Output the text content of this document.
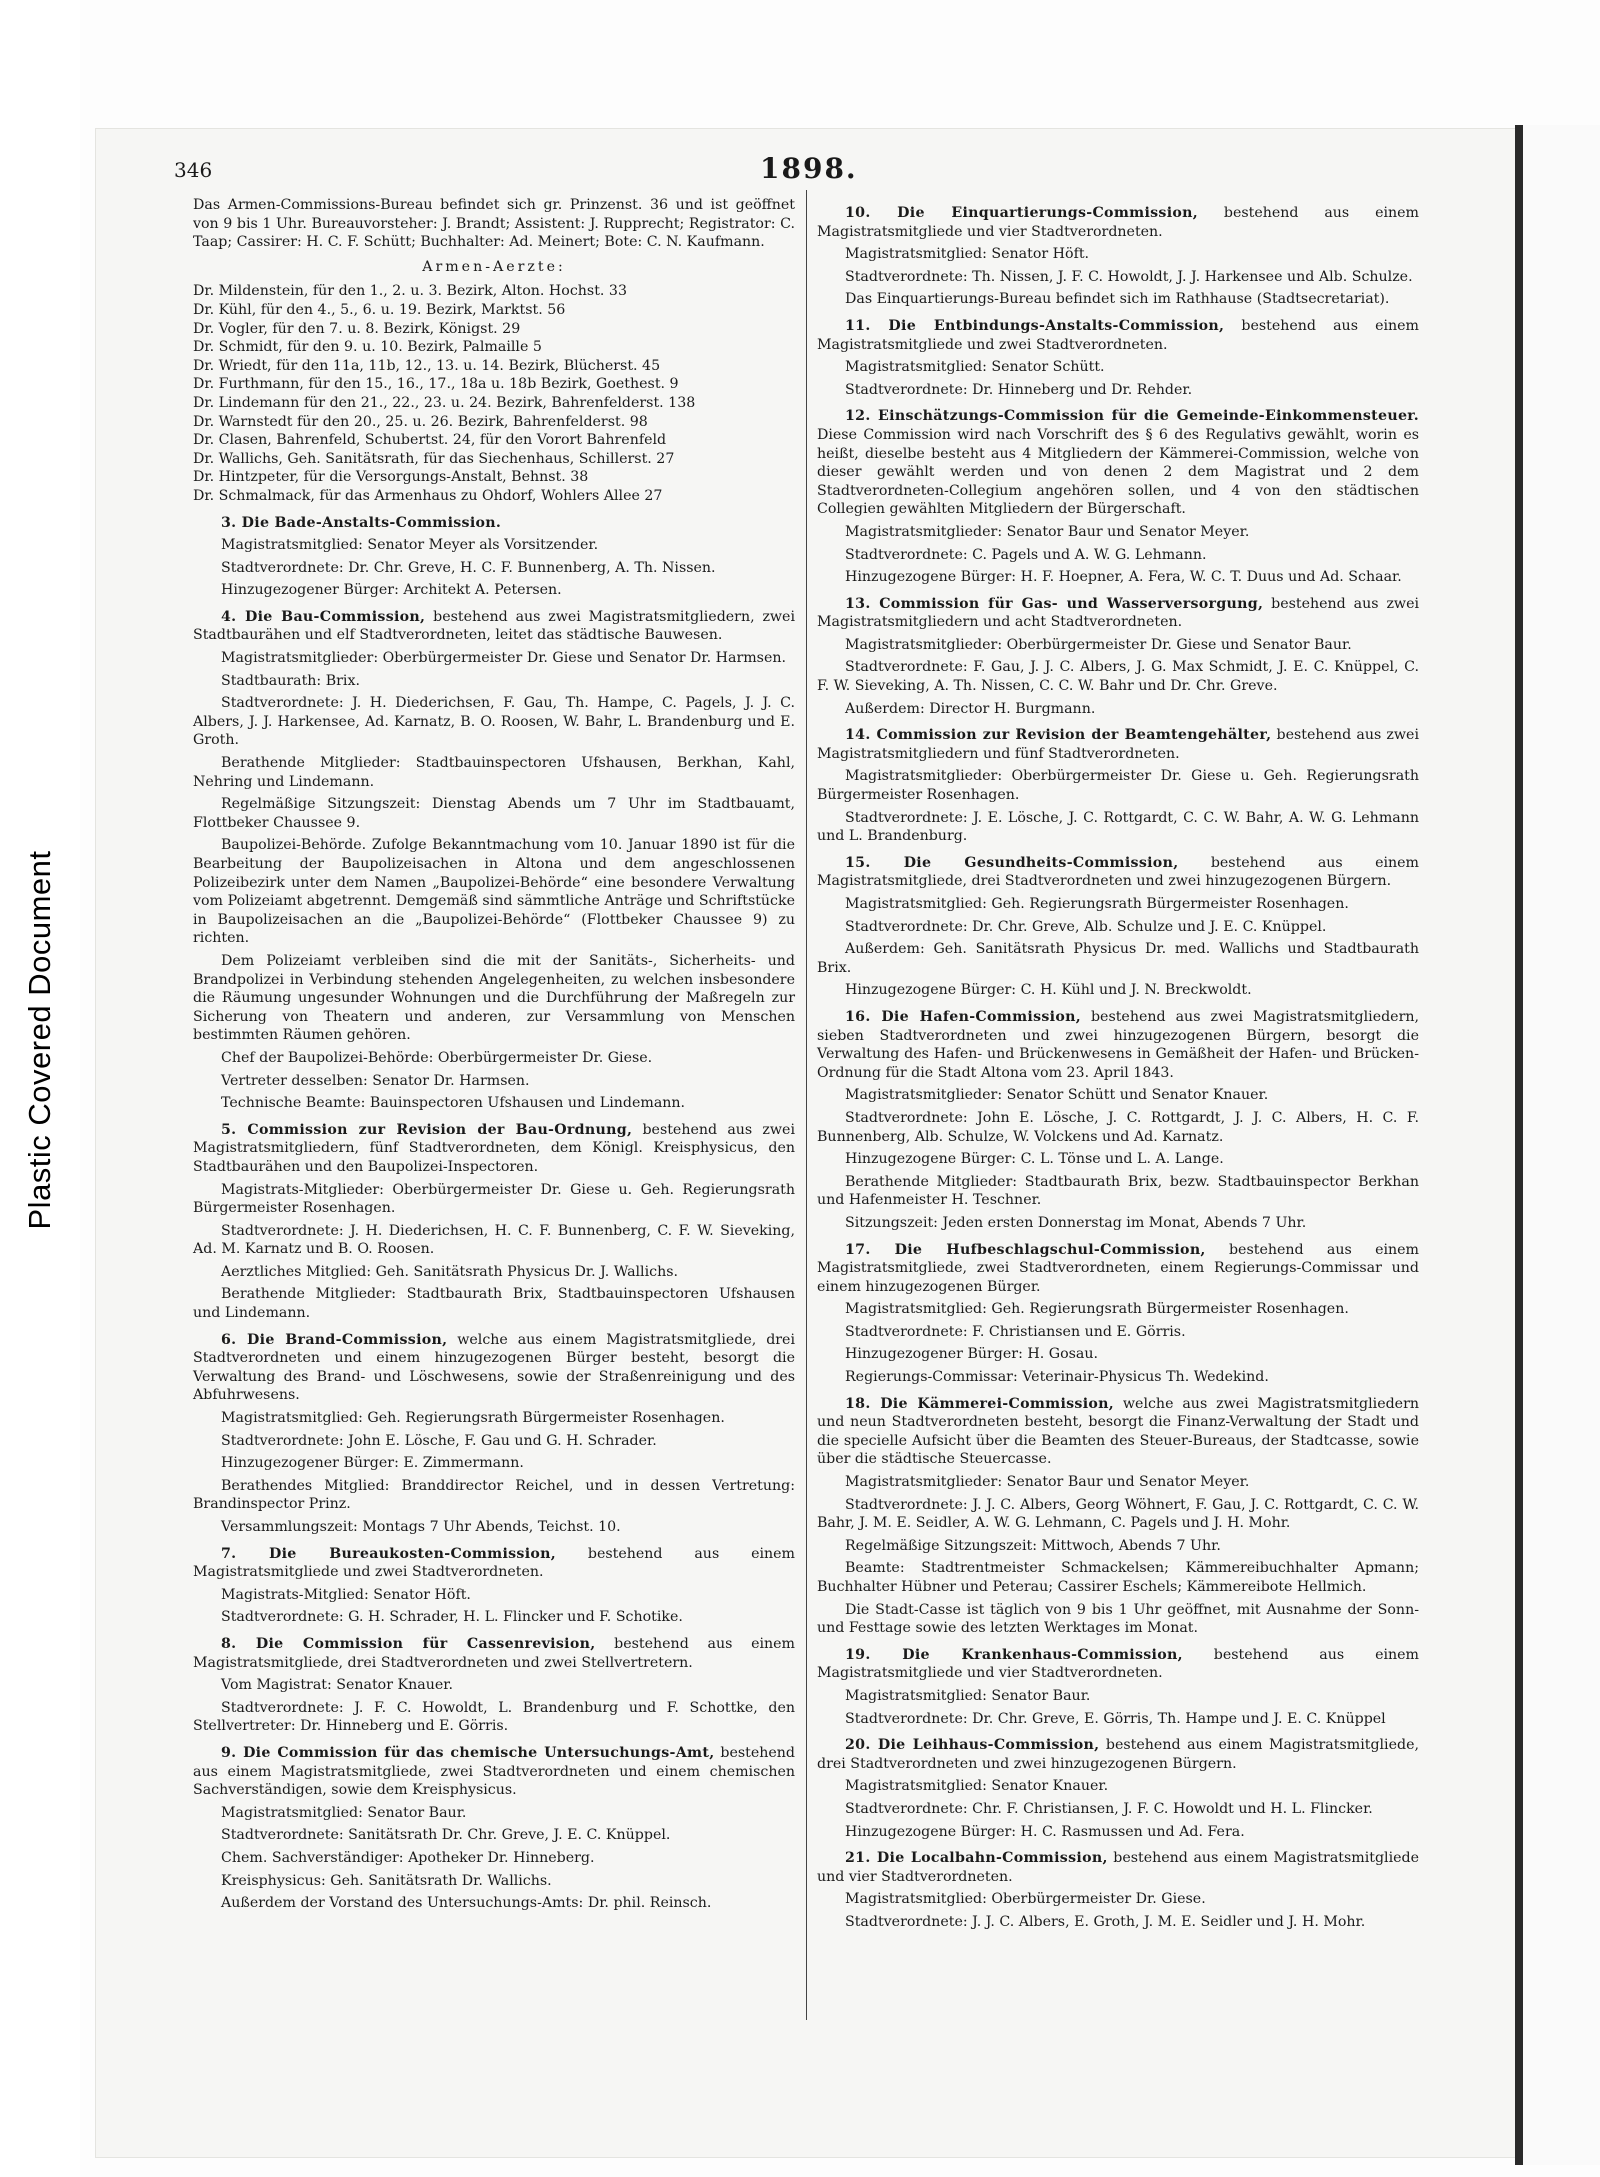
Plastic Covered Document
346	1898.

Das Armen-Commissions-Bureau befindet sich gr. Prinzenst. 36 und ist geöffnet von 9 bis 1 Uhr. Bureauvorsteher: J. Brandt; Assistent: J. Rupprecht; Registrator: C. Taap; Cassirer: H. C. F. Schütt; Buchhalter: Ad. Meinert; Bote: C. N. Kaufmann.

Armen-Aerzte:

Dr. Mildenstein, für den 1., 2. u. 3. Bezirk, Alton. Hochst. 33

Dr. Kühl, für den 4., 5., 6. u. 19. Bezirk, Marktst. 56

Dr. Vogler, für den 7. u. 8. Bezirk, Königst. 29

Dr. Schmidt, für den 9. u. 10. Bezirk, Palmaille 5

Dr. Wriedt, für den 11a, 11b, 12., 13. u. 14. Bezirk, Blücherst. 45

Dr. Furthmann, für den 15., 16., 17., 18a u. 18b Bezirk, Goethest. 9

Dr. Lindemann für den 21., 22., 23. u. 24. Bezirk, Bahrenfelderst. 138

Dr. Warnstedt für den 20., 25. u. 26. Bezirk, Bahrenfelderst. 98

Dr. Clasen, Bahrenfeld, Schubertst. 24, für den Vorort Bahrenfeld

Dr. Wallichs, Geh. Sanitätsrath, für das Siechenhaus, Schillerst. 27

Dr. Hintzpeter, für die Versorgungs-Anstalt, Behnst. 38

Dr. Schmalmack, für das Armenhaus zu Ohdorf, Wohlers Allee 27

3. Die Bade-Anstalts-Commission.

Magistratsmitglied: Senator Meyer als Vorsitzender.

Stadtverordnete: Dr. Chr. Greve, H. C. F. Bunnenberg, A. Th. Nissen.

Hinzugezogener Bürger: Architekt A. Petersen.

4. Die Bau-Commission, bestehend aus zwei Magistratsmitgliedern, zwei Stadtbaurähen und elf Stadtverordneten, leitet das städtische Bauwesen.

Magistratsmitglieder: Oberbürgermeister Dr. Giese und Senator Dr. Harmsen.

Stadtbaurath: Brix.

Stadtverordnete: J. H. Diederichsen, F. Gau, Th. Hampe, C. Pagels, J. J. C. Albers, J. J. Harkensee, Ad. Karnatz, B. O. Roosen, W. Bahr, L. Brandenburg und E. Groth.

Berathende Mitglieder: Stadtbauinspectoren Ufshausen, Berkhan, Kahl, Nehring und Lindemann.

Regelmäßige Sitzungszeit: Dienstag Abends um 7 Uhr im Stadtbauamt, Flottbeker Chaussee 9.

Baupolizei-Behörde. Zufolge Bekanntmachung vom 10. Januar 1890 ist für die Bearbeitung der Baupolizeisachen in Altona und dem angeschlossenen Polizeibezirk unter dem Namen „Baupolizei-Behörde“ eine besondere Verwaltung vom Polizeiamt abgetrennt. Demgemäß sind sämmtliche Anträge und Schriftstücke in Baupolizeisachen an die „Baupolizei-Behörde“ (Flottbeker Chaussee 9) zu richten.

Dem Polizeiamt verbleiben sind die mit der Sanitäts-, Sicherheits- und Brandpolizei in Verbindung stehenden Angelegenheiten, zu welchen insbesondere die Räumung ungesunder Wohnungen und die Durchführung der Maßregeln zur Sicherung von Theatern und anderen, zur Versammlung von Menschen bestimmten Räumen gehören.

Chef der Baupolizei-Behörde: Oberbürgermeister Dr. Giese.

Vertreter desselben: Senator Dr. Harmsen.

Technische Beamte: Bauinspectoren Ufshausen und Lindemann.

5. Commission zur Revision der Bau-Ordnung, bestehend aus zwei Magistratsmitgliedern, fünf Stadtverordneten, dem Königl. Kreisphysicus, den Stadtbaurähen und den Baupolizei-Inspectoren.

Magistrats-Mitglieder: Oberbürgermeister Dr. Giese u. Geh. Regierungsrath Bürgermeister Rosenhagen.

Stadtverordnete: J. H. Diederichsen, H. C. F. Bunnenberg, C. F. W. Sieveking, Ad. M. Karnatz und B. O. Roosen.

Aerztliches Mitglied: Geh. Sanitätsrath Physicus Dr. J. Wallichs.

Berathende Mitglieder: Stadtbaurath Brix, Stadtbauinspectoren Ufshausen und Lindemann.

6. Die Brand-Commission, welche aus einem Magistratsmitgliede, drei Stadtverordneten und einem hinzugezogenen Bürger besteht, besorgt die Verwaltung des Brand- und Löschwesens, sowie der Straßenreinigung und des Abfuhrwesens.

Magistratsmitglied: Geh. Regierungsrath Bürgermeister Rosenhagen.

Stadtverordnete: John E. Lösche, F. Gau und G. H. Schrader.

Hinzugezogener Bürger: E. Zimmermann.

Berathendes Mitglied: Branddirector Reichel, und in dessen Vertretung: Brandinspector Prinz.

Versammlungszeit: Montags 7 Uhr Abends, Teichst. 10.

7. Die Bureaukosten-Commission, bestehend aus einem Magistratsmitgliede und zwei Stadtverordneten.

Magistrats-Mitglied: Senator Höft.

Stadtverordnete: G. H. Schrader, H. L. Flincker und F. Schotike.

8. Die Commission für Cassenrevision, bestehend aus einem Magistratsmitgliede, drei Stadtverordneten und zwei Stellvertretern.

Vom Magistrat: Senator Knauer.

Stadtverordnete: J. F. C. Howoldt, L. Brandenburg und F. Schottke, den Stellvertreter: Dr. Hinneberg und E. Görris.

9. Die Commission für das chemische Untersuchungs-Amt, bestehend aus einem Magistratsmitgliede, zwei Stadtverordneten und einem chemischen Sachverständigen, sowie dem Kreisphysicus.

Magistratsmitglied: Senator Baur.

Stadtverordnete: Sanitätsrath Dr. Chr. Greve, J. E. C. Knüppel.

Chem. Sachverständiger: Apotheker Dr. Hinneberg.

Kreisphysicus: Geh. Sanitätsrath Dr. Wallichs.

Außerdem der Vorstand des Untersuchungs-Amts: Dr. phil. Reinsch.

10. Die Einquartierungs-Commission, bestehend aus einem Magistratsmitgliede und vier Stadtverordneten.

Magistratsmitglied: Senator Höft.

Stadtverordnete: Th. Nissen, J. F. C. Howoldt, J. J. Harkensee und Alb. Schulze.

Das Einquartierungs-Bureau befindet sich im Rathhause (Stadtsecretariat).

11. Die Entbindungs-Anstalts-Commission, bestehend aus einem Magistratsmitgliede und zwei Stadtverordneten.

Magistratsmitglied: Senator Schütt.

Stadtverordnete: Dr. Hinneberg und Dr. Rehder.

12. Einschätzungs-Commission für die Gemeinde-Einkommensteuer. Diese Commission wird nach Vorschrift des § 6 des Regulativs gewählt, worin es heißt, dieselbe besteht aus 4 Mitgliedern der Kämmerei-Commission, welche von dieser gewählt werden und von denen 2 dem Magistrat und 2 dem Stadtverordneten-Collegium angehören sollen, und 4 von den städtischen Collegien gewählten Mitgliedern der Bürgerschaft.

Magistratsmitglieder: Senator Baur und Senator Meyer.

Stadtverordnete: C. Pagels und A. W. G. Lehmann.

Hinzugezogene Bürger: H. F. Hoepner, A. Fera, W. C. T. Duus und Ad. Schaar.

13. Commission für Gas- und Wasserversorgung, bestehend aus zwei Magistratsmitgliedern und acht Stadtverordneten.

Magistratsmitglieder: Oberbürgermeister Dr. Giese und Senator Baur.

Stadtverordnete: F. Gau, J. J. C. Albers, J. G. Max Schmidt, J. E. C. Knüppel, C. F. W. Sieveking, A. Th. Nissen, C. C. W. Bahr und Dr. Chr. Greve.

Außerdem: Director H. Burgmann.

14. Commission zur Revision der Beamtengehälter, bestehend aus zwei Magistratsmitgliedern und fünf Stadtverordneten.

Magistratsmitglieder: Oberbürgermeister Dr. Giese u. Geh. Regierungsrath Bürgermeister Rosenhagen.

Stadtverordnete: J. E. Lösche, J. C. Rottgardt, C. C. W. Bahr, A. W. G. Lehmann und L. Brandenburg.

15. Die Gesundheits-Commission, bestehend aus einem Magistratsmitgliede, drei Stadtverordneten und zwei hinzugezogenen Bürgern.

Magistratsmitglied: Geh. Regierungsrath Bürgermeister Rosenhagen.

Stadtverordnete: Dr. Chr. Greve, Alb. Schulze und J. E. C. Knüppel.

Außerdem: Geh. Sanitätsrath Physicus Dr. med. Wallichs und Stadtbaurath Brix.

Hinzugezogene Bürger: C. H. Kühl und J. N. Breckwoldt.

16. Die Hafen-Commission, bestehend aus zwei Magistratsmitgliedern, sieben Stadtverordneten und zwei hinzugezogenen Bürgern, besorgt die Verwaltung des Hafen- und Brückenwesens in Gemäßheit der Hafen- und Brücken-Ordnung für die Stadt Altona vom 23. April 1843.

Magistratsmitglieder: Senator Schütt und Senator Knauer.

Stadtverordnete: John E. Lösche, J. C. Rottgardt, J. J. C. Albers, H. C. F. Bunnenberg, Alb. Schulze, W. Volckens und Ad. Karnatz.

Hinzugezogene Bürger: C. L. Tönse und L. A. Lange.

Berathende Mitglieder: Stadtbaurath Brix, bezw. Stadtbauinspector Berkhan und Hafenmeister H. Teschner.

Sitzungszeit: Jeden ersten Donnerstag im Monat, Abends 7 Uhr.

17. Die Hufbeschlagschul-Commission, bestehend aus einem Magistratsmitgliede, zwei Stadtverordneten, einem Regierungs-Commissar und einem hinzugezogenen Bürger.

Magistratsmitglied: Geh. Regierungsrath Bürgermeister Rosenhagen.

Stadtverordnete: F. Christiansen und E. Görris.

Hinzugezogener Bürger: H. Gosau.

Regierungs-Commissar: Veterinair-Physicus Th. Wedekind.

18. Die Kämmerei-Commission, welche aus zwei Magistratsmitgliedern und neun Stadtverordneten besteht, besorgt die Finanz-Verwaltung der Stadt und die specielle Aufsicht über die Beamten des Steuer-Bureaus, der Stadtcasse, sowie über die städtische Steuercasse.

Magistratsmitglieder: Senator Baur und Senator Meyer.

Stadtverordnete: J. J. C. Albers, Georg Wöhnert, F. Gau, J. C. Rottgardt, C. C. W. Bahr, J. M. E. Seidler, A. W. G. Lehmann, C. Pagels und J. H. Mohr.

Regelmäßige Sitzungszeit: Mittwoch, Abends 7 Uhr.

Beamte: Stadtrentmeister Schmackelsen; Kämmereibuchhalter Apmann; Buchhalter Hübner und Peterau; Cassirer Eschels; Kämmereibote Hellmich.

Die Stadt-Casse ist täglich von 9 bis 1 Uhr geöffnet, mit Ausnahme der Sonn- und Festtage sowie des letzten Werktages im Monat.

19. Die Krankenhaus-Commission, bestehend aus einem Magistratsmitgliede und vier Stadtverordneten.

Magistratsmitglied: Senator Baur.

Stadtverordnete: Dr. Chr. Greve, E. Görris, Th. Hampe und J. E. C. Knüppel

20. Die Leihhaus-Commission, bestehend aus einem Magistratsmitgliede, drei Stadtverordneten und zwei hinzugezogenen Bürgern.

Magistratsmitglied: Senator Knauer.

Stadtverordnete: Chr. F. Christiansen, J. F. C. Howoldt und H. L. Flincker.

Hinzugezogene Bürger: H. C. Rasmussen und Ad. Fera.

21. Die Localbahn-Commission, bestehend aus einem Magistratsmitgliede und vier Stadtverordneten.

Magistratsmitglied: Oberbürgermeister Dr. Giese.

Stadtverordnete: J. J. C. Albers, E. Groth, J. M. E. Seidler und J. H. Mohr.
